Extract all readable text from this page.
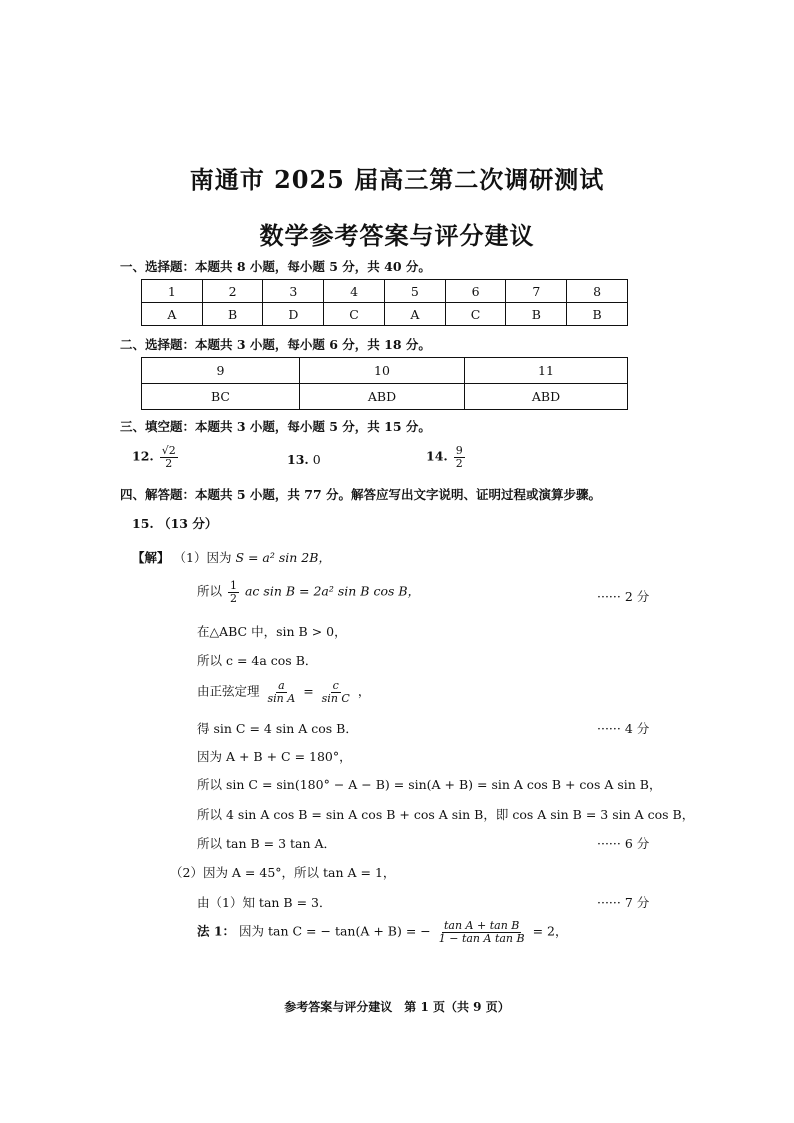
南通市 2025 届高三第二次调研测试
数学参考答案与评分建议
一、选择题：本题共 8 小题，每小题 5 分，共 40 分。
1	2	3	4	5	6	7	8
A	B	D	C	A	C	B	B
二、选择题：本题共 3 小题，每小题 6 分，共 18 分。
9	10	11
BC	ABD	ABD
三、填空题：本题共 3 小题，每小题 5 分，共 15 分。
12. $\frac{√2}{2}$	13. 0	14. $\frac{9}{2}$
四、解答题：本题共 5 小题，共 77 分。解答应写出文字说明、证明过程或演算步骤。
15. （13 分）
【解】 （1）因为 S = a² sin 2B，
所以 $\frac{1}{2}$ ac sin B = 2a² sin B cos B，	······ 2 分
在△ABC 中，sin B > 0，
所以 c = 4a cos B．
由正弦定理 $\frac{a}{\text{sin A}} = \frac{c}{\text{sin C}}$ ，
得 sin C = 4 sin A cos B．	······ 4 分
因为 A + B + C = 180°，
所以 sin C = sin(180° − A − B) = sin(A + B) = sin A cos B + cos A sin B，
所以 4 sin A cos B = sin A cos B + cos A sin B，即 cos A sin B = 3 sin A cos B，
所以 tan B = 3 tan A．	······ 6 分
（2）因为 A = 45°，所以 tan A = 1，
由（1）知 tan B = 3．	······ 7 分
法 1： 因为 tan C = − tan(A + B) = − $\frac{\text{tan A + tan B}}{\text{1 − tan A tan B}} = 2$，
参考答案与评分建议　第 1 页（共 9 页）
